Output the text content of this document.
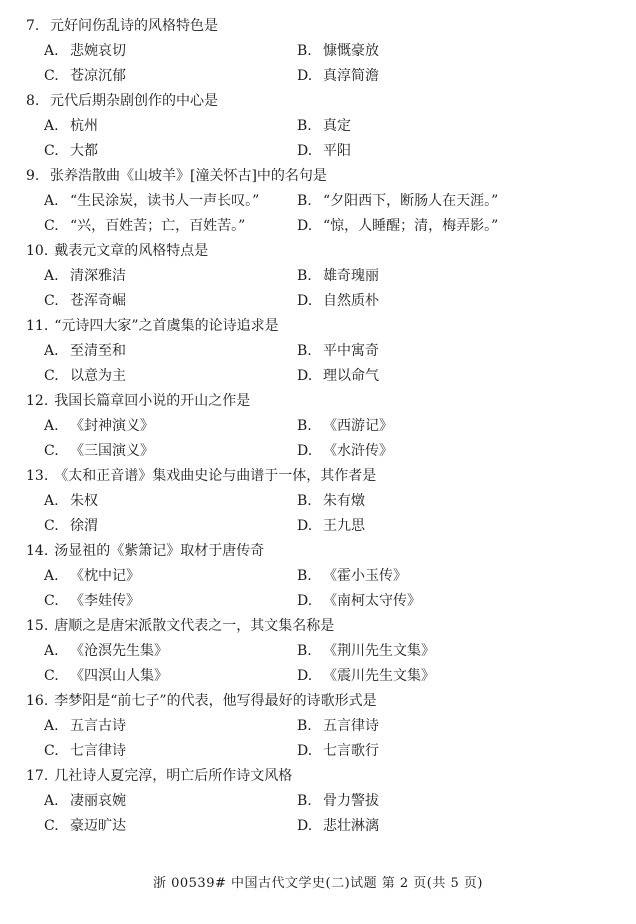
7. 元好问伤乱诗的风格特色是
A. 悲婉哀切	B. 慷慨豪放
C. 苍凉沉郁	D. 真淳简澹
8. 元代后期杂剧创作的中心是
A. 杭州	B. 真定
C. 大都	D. 平阳
9. 张养浩散曲《山坡羊》[潼关怀古]中的名句是
A. “生民涂炭，读书人一声长叹。”	B. “夕阳西下，断肠人在天涯。”
C. “兴，百姓苦；亡，百姓苦。”	D. “惊，人睡醒；清，梅弄影。”
10. 戴表元文章的风格特点是
A. 清深雅洁	B. 雄奇瑰丽
C. 苍浑奇崛	D. 自然质朴
11. “元诗四大家”之首虞集的论诗追求是
A. 至清至和	B. 平中寓奇
C. 以意为主	D. 理以命气
12. 我国长篇章回小说的开山之作是
A. 《封神演义》	B. 《西游记》
C. 《三国演义》	D. 《水浒传》
13. 《太和正音谱》集戏曲史论与曲谱于一体，其作者是
A. 朱权	B. 朱有燉
C. 徐渭	D. 王九思
14. 汤显祖的《紫箫记》取材于唐传奇
A. 《枕中记》	B. 《霍小玉传》
C. 《李娃传》	D. 《南柯太守传》
15. 唐顺之是唐宋派散文代表之一，其文集名称是
A. 《沧溟先生集》	B. 《荆川先生文集》
C. 《四溟山人集》	D. 《震川先生文集》
16. 李梦阳是“前七子”的代表，他写得最好的诗歌形式是
A. 五言古诗	B. 五言律诗
C. 七言律诗	D. 七言歌行
17. 几社诗人夏完淳，明亡后所作诗文风格
A. 凄丽哀婉	B. 骨力警拔
C. 豪迈旷达	D. 悲壮淋漓
浙 00539# 中国古代文学史(二)试题 第 2 页(共 5 页)
